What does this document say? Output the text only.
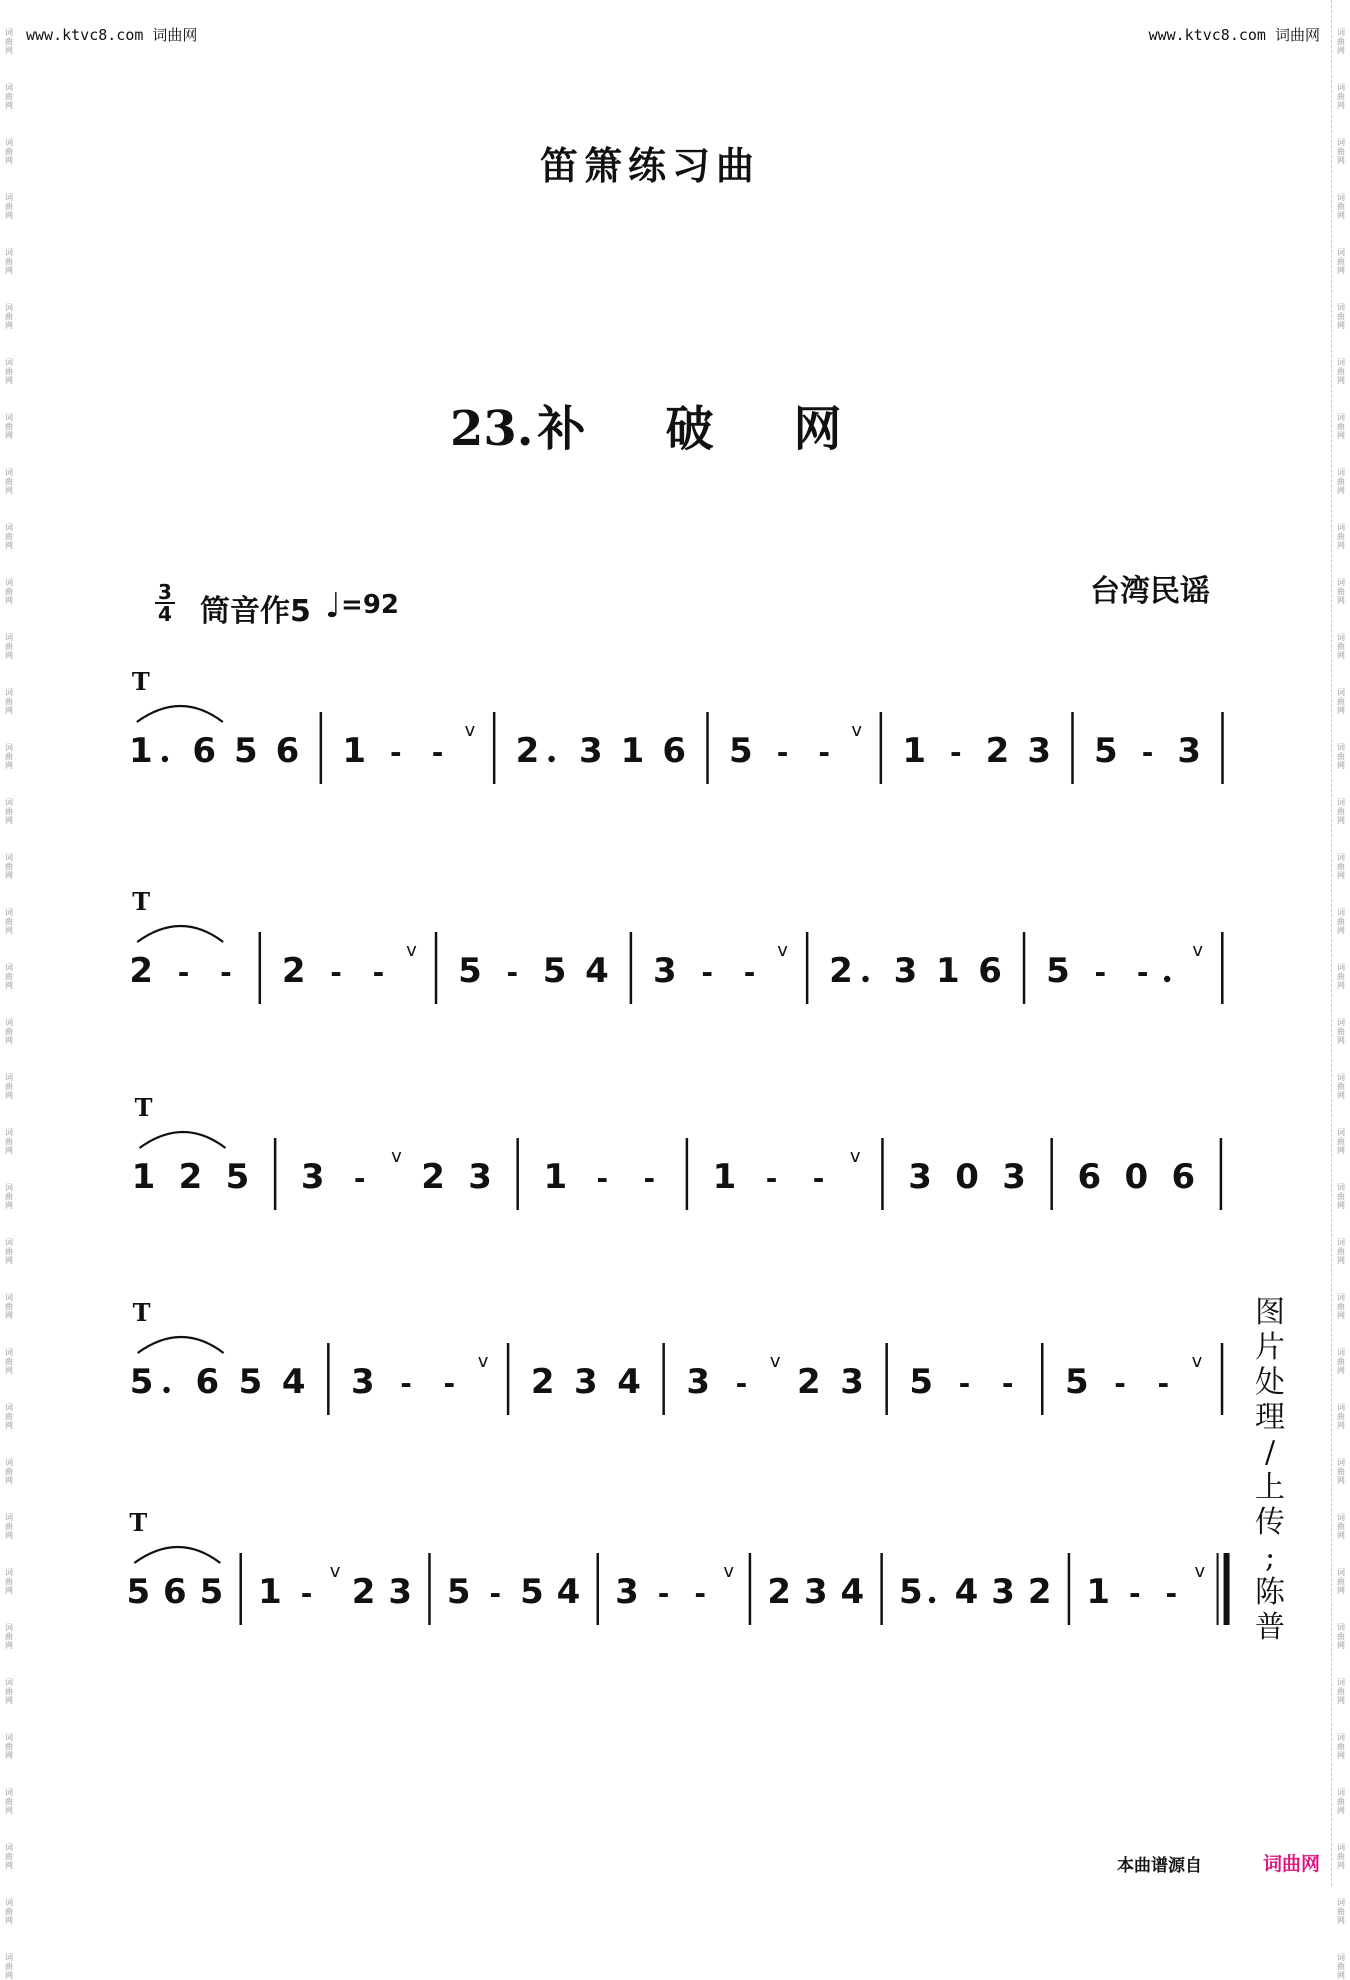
词
曲
网
词
曲
网
词
曲
网
词
曲
网
词
曲
网
词
曲
网
词
曲
网
词
曲
网
词
曲
网
词
曲
网
词
曲
网
词
曲
网
词
曲
网
词
曲
网
词
曲
网
词
曲
网
词
曲
网
词
曲
网
词
曲
网
词
曲
网
词
曲
网
词
曲
网
词
曲
网
词
曲
网
词
曲
网
词
曲
网
词
曲
网
词
曲
网
词
曲
网
词
曲
网
词
曲
网
词
曲
网
词
曲
网
词
曲
网
词
曲
网
词
曲
网
词
曲
网
词
曲
网
词
曲
网
词
曲
网
词
曲
网
词
曲
网
词
曲
网
词
曲
网
词
曲
网
词
曲
网
词
曲
网
词
曲
网
词
曲
网
词
曲
网
词
曲
网
词
曲
网
词
曲
网
词
曲
网
词
曲
网
词
曲
网
词
曲
网
词
曲
网
词
曲
网
词
曲
网
词
曲
网
词
曲
网
词
曲
网
词
曲
网
词
曲
网
词
曲
网
词
曲
网
词
曲
网
词
曲
网
词
曲
网
词
曲
网
词
曲
网
www.ktvc8.com 词曲网	www.ktvc8.com 词曲网
笛箫练习曲
23.补 破 网
台湾民谣
3
4 筒音作5 ♩=92
1 6 5 6 1 - -
v
2 3 1 6 5 - -
v
1 - 2 3 5 - 3
T
2 - - 2 - -
v
5 - 5 4 3 - -
v
2 3 1 6 5 - -
v
T
1 2 5 3 -
v
2 3 1 - - 1 - -
v
3 0 3 6 0 6
T
5 6 5 4 3 - -
v
2 3 4 3 -
v
2 3 5 - - 5 - -
v
T
5 6 5 1 -
v
2 3 5 - 5 4 3 - -
v
2 3 4 5 4 3 2 1 - -
v
T
图
片
处
理
/
上
传
;
陈
普
本曲谱源自	词曲网
